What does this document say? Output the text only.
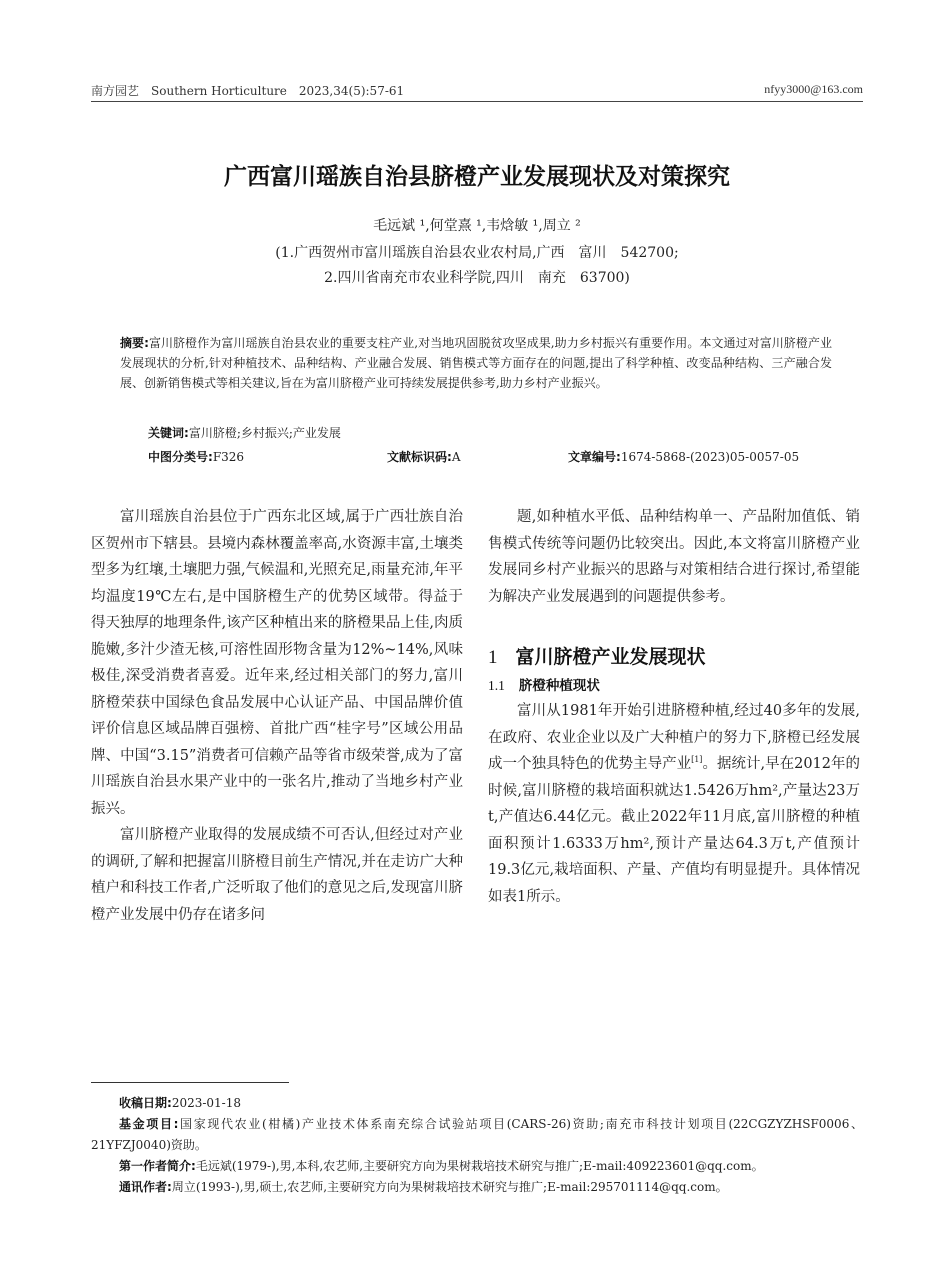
南方园艺 Southern Horticulture 2023,34(5):57-61	nfyy3000@163.com
广西富川瑶族自治县脐橙产业发展现状及对策探究
毛远斌 ¹,何堂熹 ¹,韦焓敏 ¹,周立 ²
(1.广西贺州市富川瑶族自治县农业农村局,广西　富川　542700;
2.四川省南充市农业科学院,四川　南充　63700)
摘要:富川脐橙作为富川瑶族自治县农业的重要支柱产业,对当地巩固脱贫攻坚成果,助力乡村振兴有重要作用。本文通过对富川脐橙产业发展现状的分析,针对种植技术、品种结构、产业融合发展、销售模式等方面存在的问题,提出了科学种植、改变品种结构、三产融合发展、创新销售模式等相关建议,旨在为富川脐橙产业可持续发展提供参考,助力乡村产业振兴。
关键词:富川脐橙;乡村振兴;产业发展
中图分类号:F326	文献标识码:A	文章编号:1674-5868-(2023)05-0057-05

富川瑶族自治县位于广西东北区域,属于广西壮族自治区贺州市下辖县。县境内森林覆盖率高,水资源丰富,土壤类型多为红壤,土壤肥力强,气候温和,光照充足,雨量充沛,年平均温度19℃左右,是中国脐橙生产的优势区域带。得益于得天独厚的地理条件,该产区种植出来的脐橙果品上佳,肉质脆嫩,多汁少渣无核,可溶性固形物含量为12%~14%,风味极佳,深受消费者喜爱。近年来,经过相关部门的努力,富川脐橙荣获中国绿色食品发展中心认证产品、中国品牌价值评价信息区域品牌百强榜、首批广西“桂字号”区域公用品牌、中国“3.15”消费者可信赖产品等省市级荣誉,成为了富川瑶族自治县水果产业中的一张名片,推动了当地乡村产业振兴。

富川脐橙产业取得的发展成绩不可否认,但经过对产业的调研,了解和把握富川脐橙目前生产情况,并在走访广大种植户和科技工作者,广泛听取了他们的意见之后,发现富川脐橙产业发展中仍存在诸多问

题,如种植水平低、品种结构单一、产品附加值低、销售模式传统等问题仍比较突出。因此,本文将富川脐橙产业发展同乡村产业振兴的思路与对策相结合进行探讨,希望能为解决产业发展遇到的问题提供参考。

1 富川脐橙产业发展现状
1.1 脐橙种植现状

富川从1981年开始引进脐橙种植,经过40多年的发展,在政府、农业企业以及广大种植户的努力下,脐橙已经发展成一个独具特色的优势主导产业[1]。据统计,早在2012年的时候,富川脐橙的栽培面积就达1.5426万hm²,产量达23万t,产值达6.44亿元。截止2022年11月底,富川脐橙的种植面积预计1.6333万hm²,预计产量达64.3万t,产值预计19.3亿元,栽培面积、产量、产值均有明显提升。具体情况如表1所示。

收稿日期:2023-01-18

基金项目:国家现代农业(柑橘)产业技术体系南充综合试验站项目(CARS-26)资助;南充市科技计划项目(22CGZYZHSF0006、21YFZJ0040)资助。

第一作者简介:毛远斌(1979-),男,本科,农艺师,主要研究方向为果树栽培技术研究与推广;E-mail:409223601@qq.com。

通讯作者:周立(1993-),男,硕士,农艺师,主要研究方向为果树栽培技术研究与推广;E-mail:295701114@qq.com。
